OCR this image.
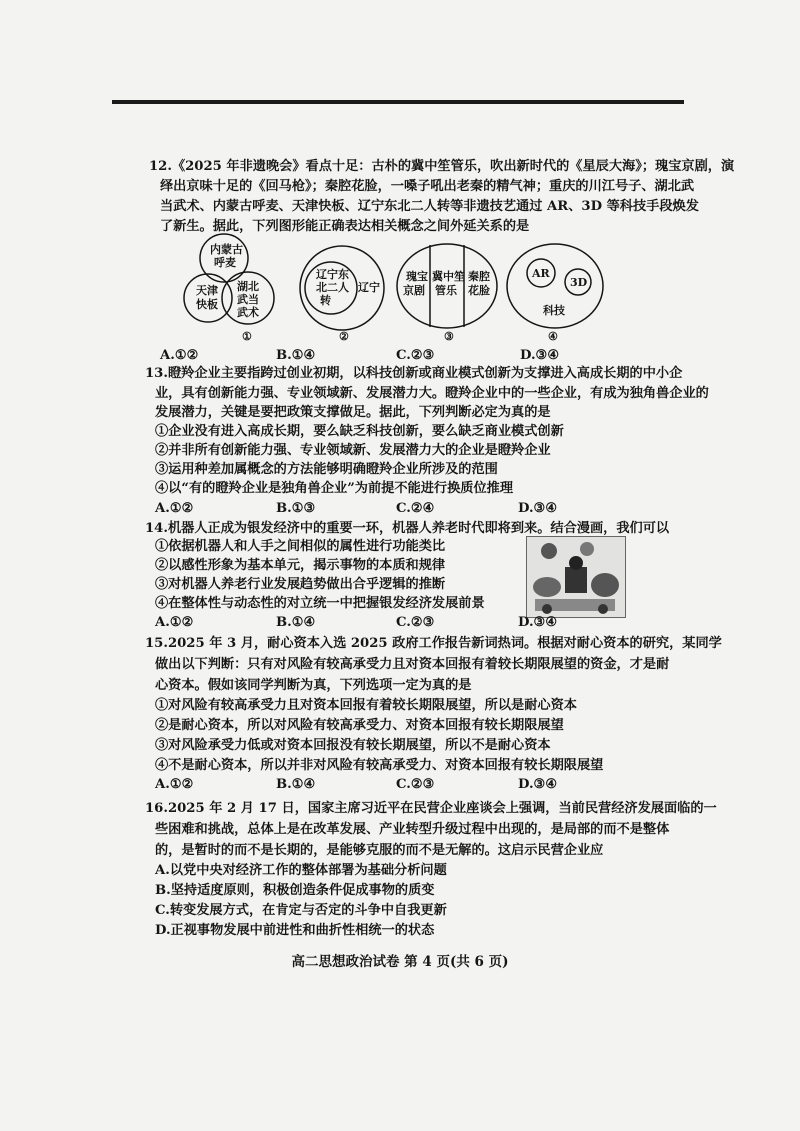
12.《2025 年非遗晚会》看点十足：古朴的冀中笙管乐，吹出新时代的《星辰大海》；瑰宝京剧，演
绎出京味十足的《回马枪》；秦腔花脸，一嗓子吼出老秦的精气神；重庆的川江号子、湖北武
当武术、内蒙古呼麦、天津快板、辽宁东北二人转等非遗技艺通过 AR、3D 等科技手段焕发
了新生。据此，下列图形能正确表达相关概念之间外延关系的是
内蒙古
呼麦
天津
快板
湖北
武当
武术
①
辽宁东
北二人
转
辽宁
②
瑰宝
京剧
冀中笙
管乐
秦腔
花脸
③
AR
3D
科技
④
A.①②	B.①④	C.②③	D.③④
13.瞪羚企业主要指跨过创业初期，以科技创新或商业模式创新为支撑进入高成长期的中小企
业，具有创新能力强、专业领域新、发展潜力大。瞪羚企业中的一些企业，有成为独角兽企业的
发展潜力，关键是要把政策支撑做足。据此，下列判断必定为真的是
①企业没有进入高成长期，要么缺乏科技创新，要么缺乏商业模式创新
②并非所有创新能力强、专业领域新、发展潜力大的企业是瞪羚企业
③运用种差加属概念的方法能够明确瞪羚企业所涉及的范围
④以“有的瞪羚企业是独角兽企业”为前提不能进行换质位推理
A.①②	B.①③	C.②④	D.③④
14.机器人正成为银发经济中的重要一环，机器人养老时代即将到来。结合漫画，我们可以
①依据机器人和人手之间相似的属性进行功能类比
②以感性形象为基本单元，揭示事物的本质和规律
③对机器人养老行业发展趋势做出合乎逻辑的推断
④在整体性与动态性的对立统一中把握银发经济发展前景
A.①②	B.①④	C.②③	D.③④
15.2025 年 3 月，耐心资本入选 2025 政府工作报告新词热词。根据对耐心资本的研究，某同学
做出以下判断：只有对风险有较高承受力且对资本回报有着较长期限展望的资金，才是耐
心资本。假如该同学判断为真，下列选项一定为真的是
①对风险有较高承受力且对资本回报有着较长期限展望，所以是耐心资本
②是耐心资本，所以对风险有较高承受力、对资本回报有较长期限展望
③对风险承受力低或对资本回报没有较长期展望，所以不是耐心资本
④不是耐心资本，所以并非对风险有较高承受力、对资本回报有较长期限展望
A.①②	B.①④	C.②③	D.③④
16.2025 年 2 月 17 日，国家主席习近平在民营企业座谈会上强调，当前民营经济发展面临的一
些困难和挑战，总体上是在改革发展、产业转型升级过程中出现的，是局部的而不是整体
的，是暂时的而不是长期的，是能够克服的而不是无解的。这启示民营企业应
A.以党中央对经济工作的整体部署为基础分析问题
B.坚持适度原则，积极创造条件促成事物的质变
C.转变发展方式，在肯定与否定的斗争中自我更新
D.正视事物发展中前进性和曲折性相统一的状态
高二思想政治试卷 第 4 页(共 6 页)
